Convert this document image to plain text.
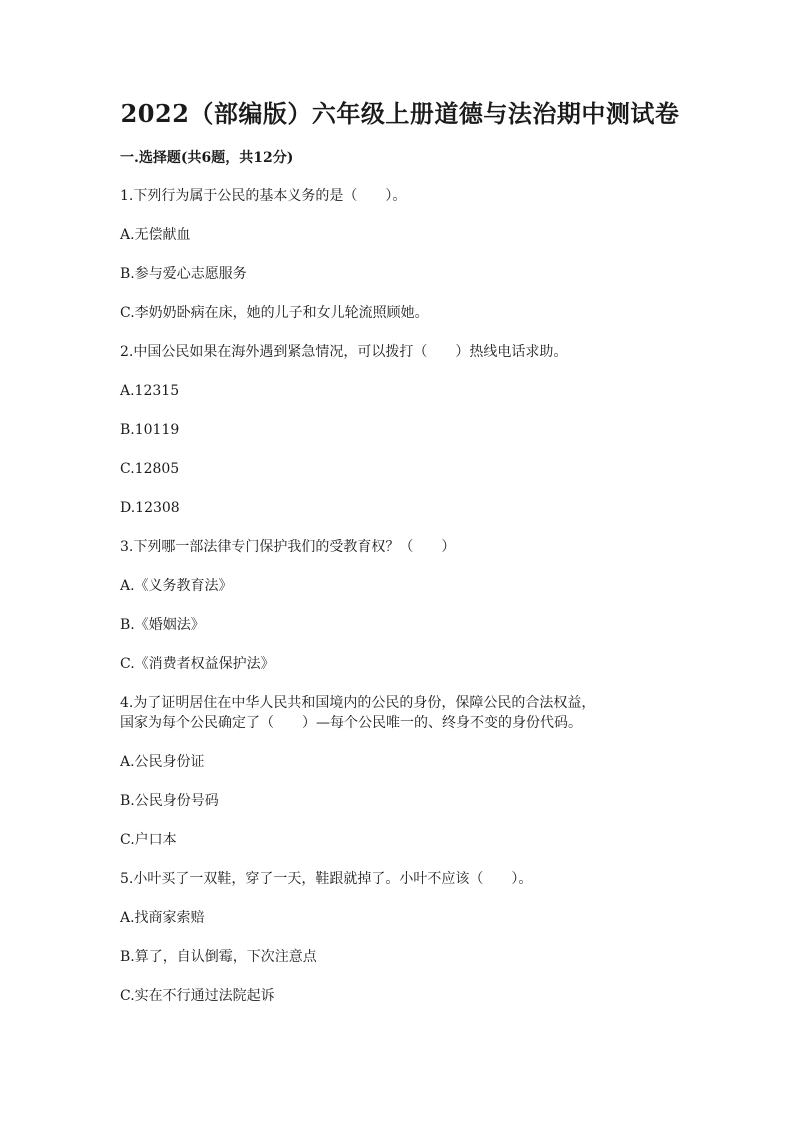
2022（部编版）六年级上册道德与法治期中测试卷
一.选择题(共6题，共12分)

1.下列行为属于公民的基本义务的是（　　）。

A.无偿献血

B.参与爱心志愿服务

C.李奶奶卧病在床，她的儿子和女儿轮流照顾她。

2.中国公民如果在海外遇到紧急情况，可以拨打（　　）热线电话求助。

A.12315

B.10119

C.12805

D.12308

3.下列哪一部法律专门保护我们的受教育权？（　　）

A.《义务教育法》

B.《婚姻法》

C.《消费者权益保护法》

4.为了证明居住在中华人民共和国境内的公民的身份，保障公民的合法权益，

国家为每个公民确定了（　　）—每个公民唯一的、终身不变的身份代码。

A.公民身份证

B.公民身份号码

C.户口本

5.小叶买了一双鞋，穿了一天，鞋跟就掉了。小叶不应该（　　）。

A.找商家索赔

B.算了，自认倒霉，下次注意点

C.实在不行通过法院起诉
